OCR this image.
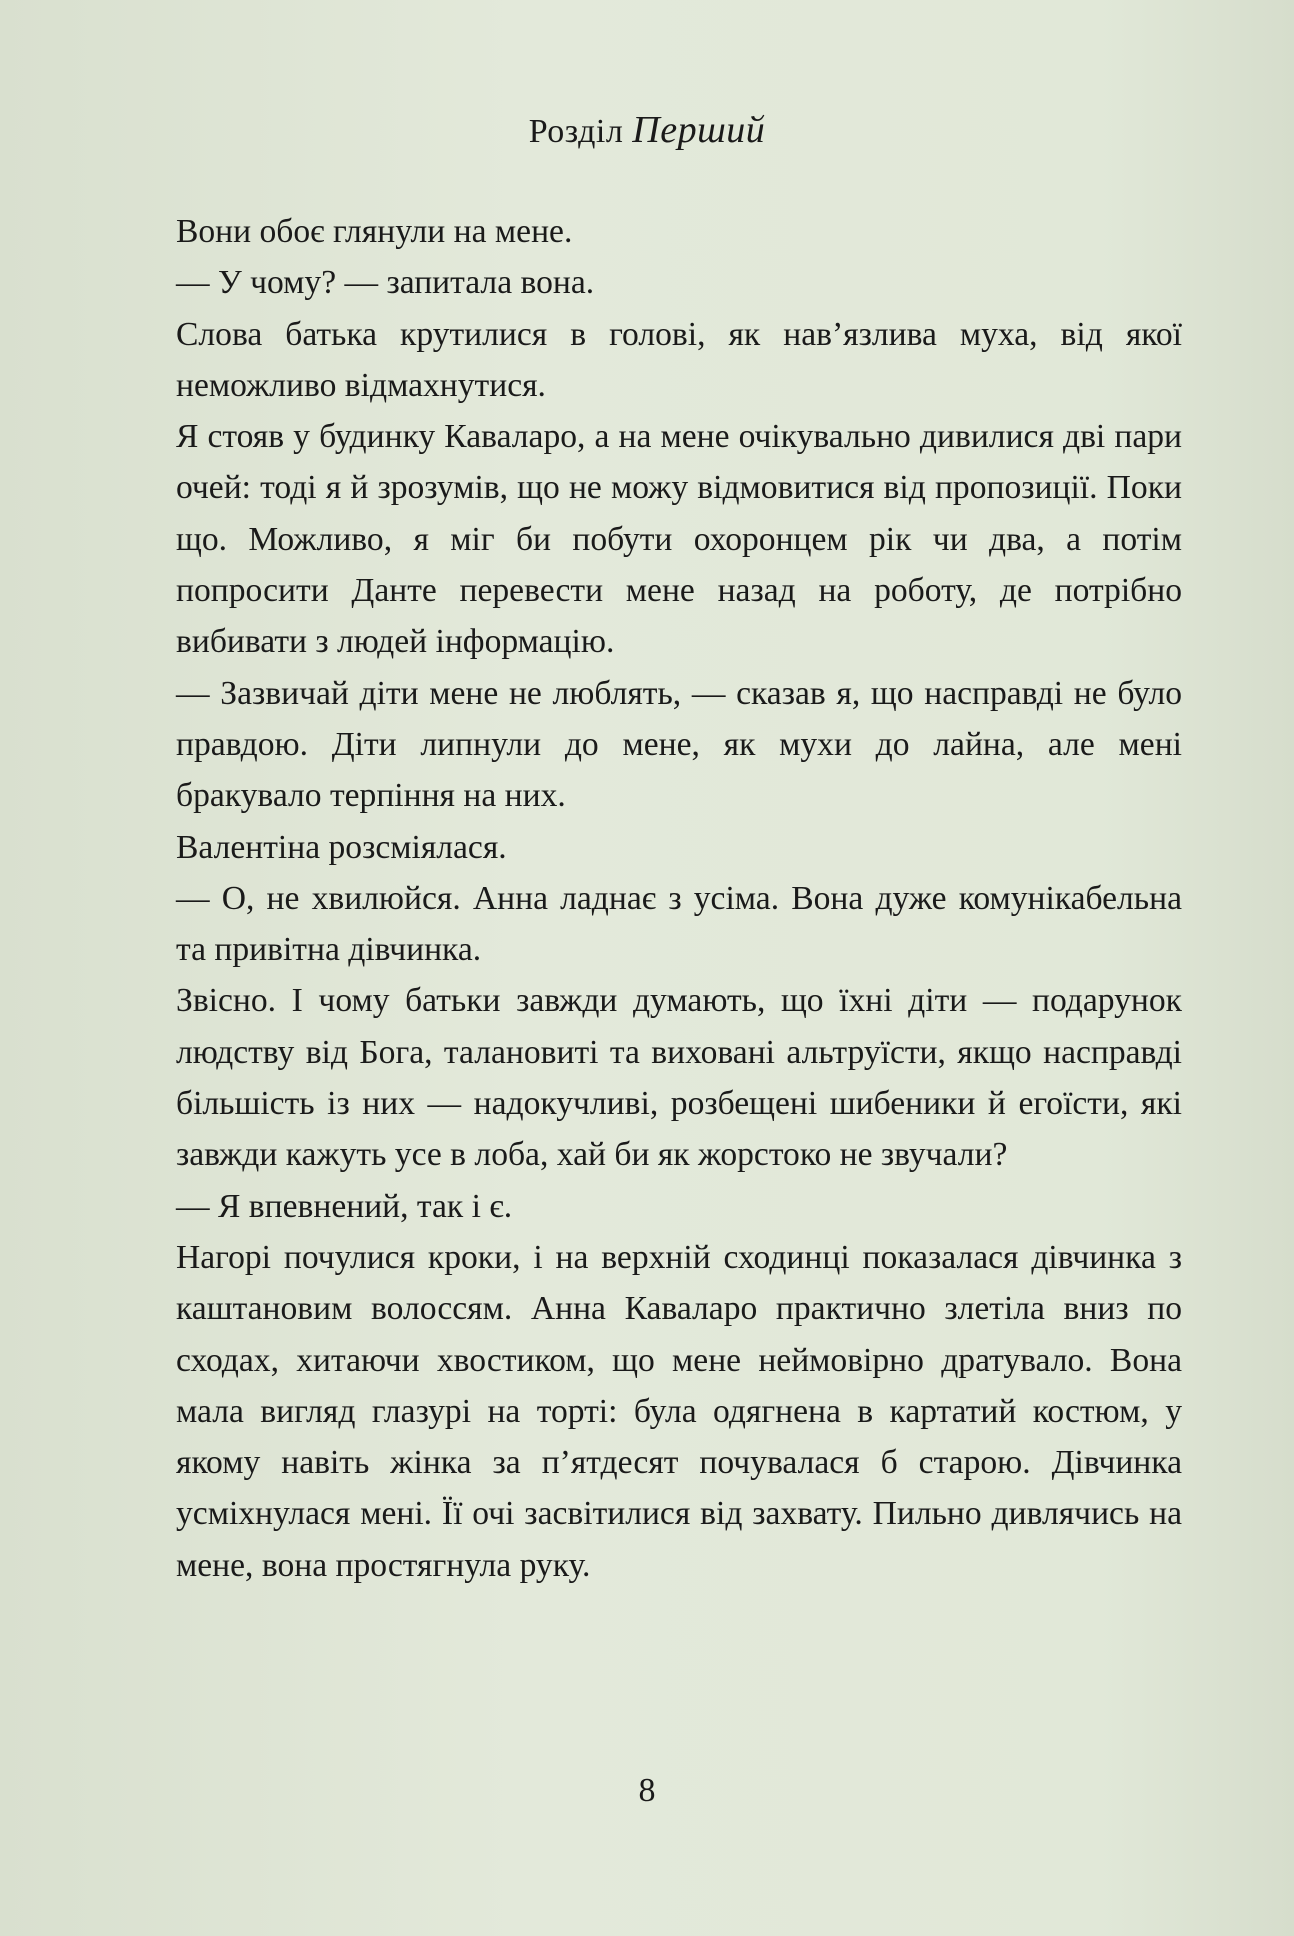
Розділ Перший

Вони обоє глянули на мене.

— У чому? — запитала вона.

Слова батька крутилися в голові, як нав’язлива муха, від якої неможливо відмахнутися.

Я стояв у будинку Каваларо, а на мене очікувально дивилися дві пари очей: тоді я й зрозумів, що не можу відмовитися від пропозиції. Поки що. Можливо, я міг би побути охоронцем рік чи два, а потім попросити Данте перевести мене назад на роботу, де потрібно вибивати з людей інформацію.

— Зазвичай діти мене не люблять, — сказав я, що насправді не було правдою. Діти липнули до мене, як мухи до лайна, але мені бракувало терпіння на них.

Валентіна розсміялася.

— О, не хвилюйся. Анна ладнає з усіма. Вона дуже комунікабельна та привітна дівчинка.

Звісно. І чому батьки завжди думають, що їхні діти — подарунок людству від Бога, талановиті та виховані альтруїсти, якщо насправді більшість із них — надокучливі, розбещені шибеники й егоїсти, які завжди кажуть усе в лоба, хай би як жорстоко не звучали?

— Я впевнений, так і є.

Нагорі почулися кроки, і на верхній сходинці показалася дівчинка з каштановим волоссям. Анна Каваларо практично злетіла вниз по сходах, хитаючи хвостиком, що мене неймовірно дратувало. Вона мала вигляд глазурі на торті: була одягнена в картатий костюм, у якому навіть жінка за п’ятдесят почувалася б старою. Дівчинка усміхнулася мені. Її очі засвітилися від захвату. Пильно дивлячись на мене, вона простягнула руку.

8
